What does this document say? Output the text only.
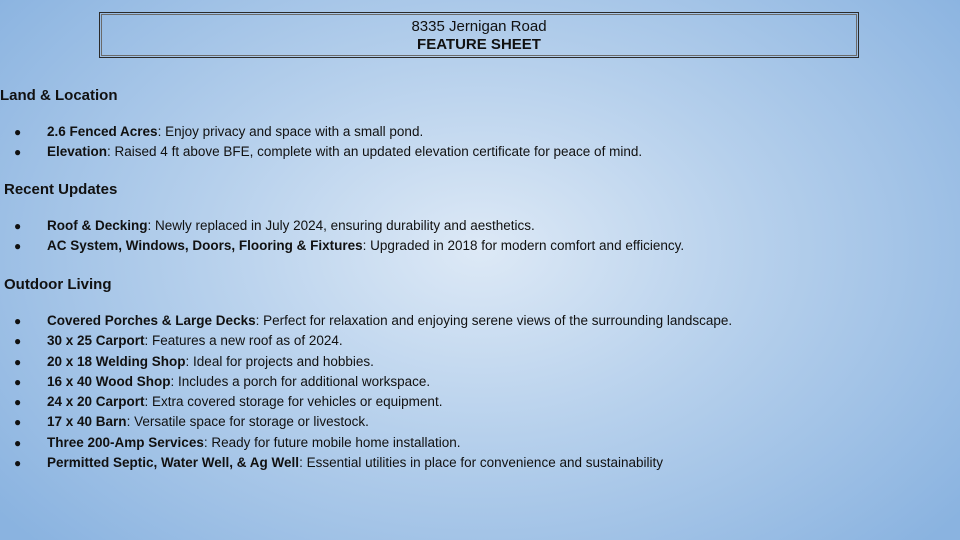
8335 Jernigan Road
FEATURE SHEET
Land & Location
● 2.6 Fenced Acres: Enjoy privacy and space with a small pond.
● Elevation: Raised 4 ft above BFE, complete with an updated elevation certificate for peace of mind.
Recent Updates
● Roof & Decking: Newly replaced in July 2024, ensuring durability and aesthetics.
● AC System, Windows, Doors, Flooring & Fixtures: Upgraded in 2018 for modern comfort and efficiency.
Outdoor Living
● Covered Porches & Large Decks: Perfect for relaxation and enjoying serene views of the surrounding landscape.
● 30 x 25 Carport: Features a new roof as of 2024.
● 20 x 18 Welding Shop: Ideal for projects and hobbies.
● 16 x 40 Wood Shop: Includes a porch for additional workspace.
● 24 x 20 Carport: Extra covered storage for vehicles or equipment.
● 17 x 40 Barn: Versatile space for storage or livestock.
● Three 200-Amp Services: Ready for future mobile home installation.
● Permitted Septic, Water Well, & Ag Well: Essential utilities in place for convenience and sustainability
